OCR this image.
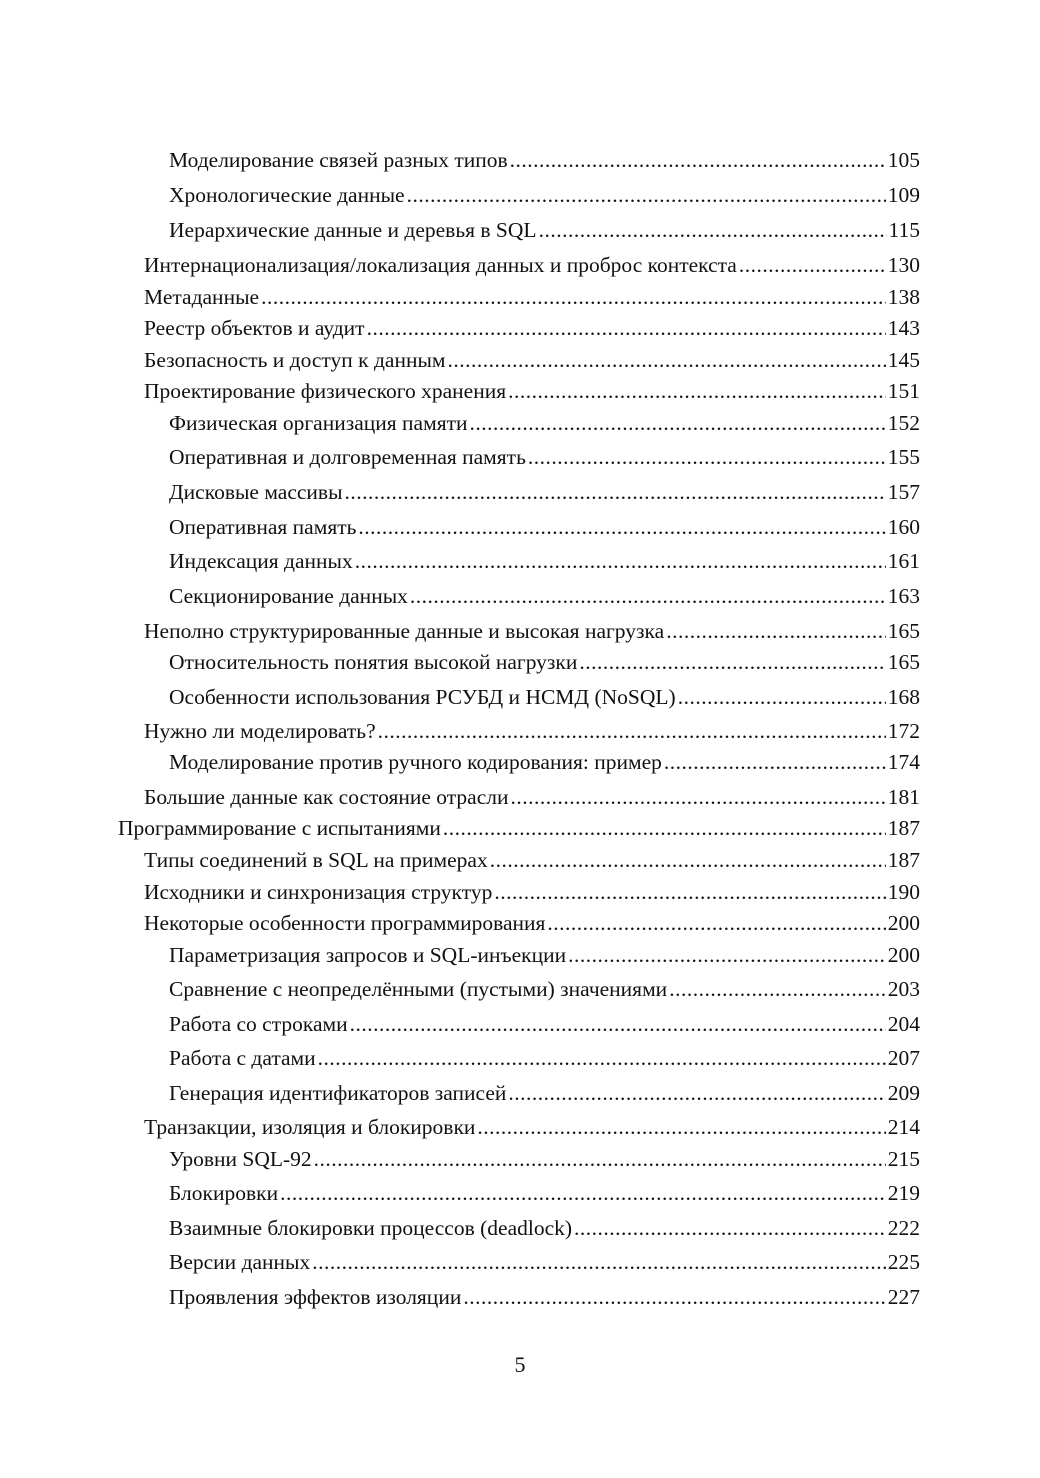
Моделирование связей разных типов .....	105
Хронологические данные .....	109
Иерархические данные и деревья в SQL .....	115
Интернационализация/локализация данных и проброс контекста .....	130
Метаданные .....	138
Реестр объектов и аудит .....	143
Безопасность и доступ к данным .....	145
Проектирование физического хранения .....	151
Физическая организация памяти .....	152
Оперативная и долговременная память .....	155
Дисковые массивы .....	157
Оперативная память .....	160
Индексация данных .....	161
Секционирование данных .....	163
Неполно структурированные данные и высокая нагрузка .....	165
Относительность понятия высокой нагрузки .....	165
Особенности использования РСУБД и НСМД (NoSQL) .....	168
Нужно ли моделировать? .....	172
Моделирование против ручного кодирования: пример .....	174
Большие данные как состояние отрасли .....	181
Программирование с испытаниями .....	187
Типы соединений в SQL на примерах .....	187
Исходники и синхронизация структур .....	190
Некоторые особенности программирования .....	200
Параметризация запросов и SQL-инъекции .....	200
Сравнение с неопределёнными (пустыми) значениями .....	203
Работа со строками .....	204
Работа с датами .....	207
Генерация идентификаторов записей .....	209
Транзакции, изоляция и блокировки .....	214
Уровни SQL-92 .....	215
Блокировки .....	219
Взаимные блокировки процессов (deadlock) .....	222
Версии данных .....	225
Проявления эффектов изоляции .....	227
5
